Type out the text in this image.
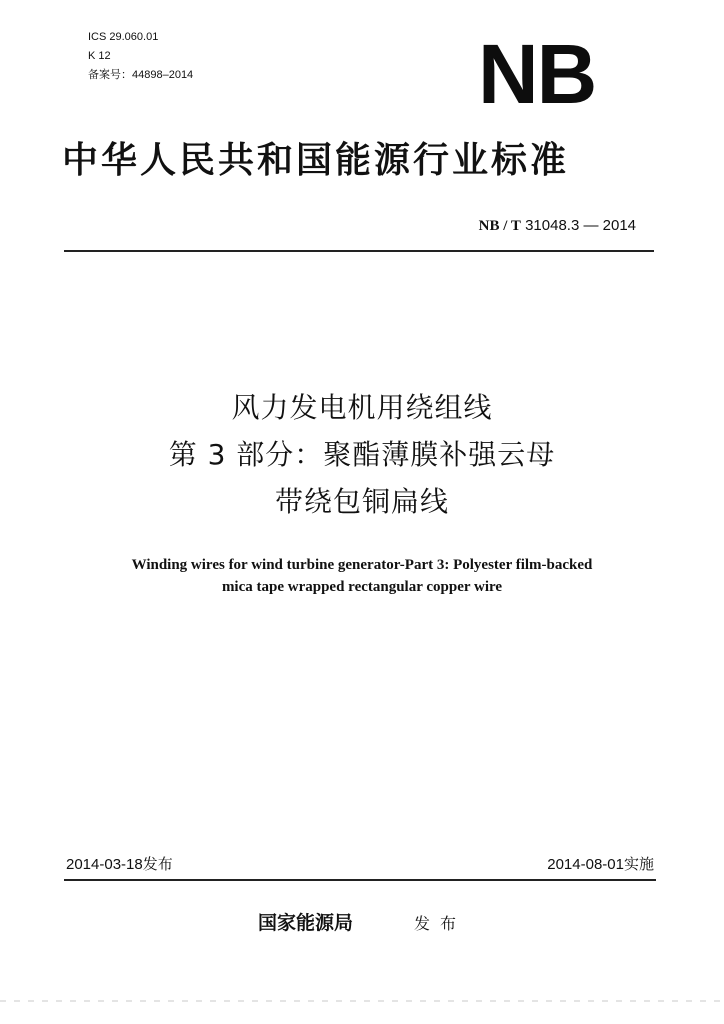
ICS 29.060.01
K 12
备案号：44898–2014	NB
中华人民共和国能源行业标准
NB / T 31048.3 — 2014
风力发电机用绕组线
第 3 部分：聚酯薄膜补强云母
带绕包铜扁线
Winding wires for wind turbine generator-Part 3: Polyester film-backed
mica tape wrapped rectangular copper wire
2014-03-18发布	2014-08-01实施
国家能源局	发布
